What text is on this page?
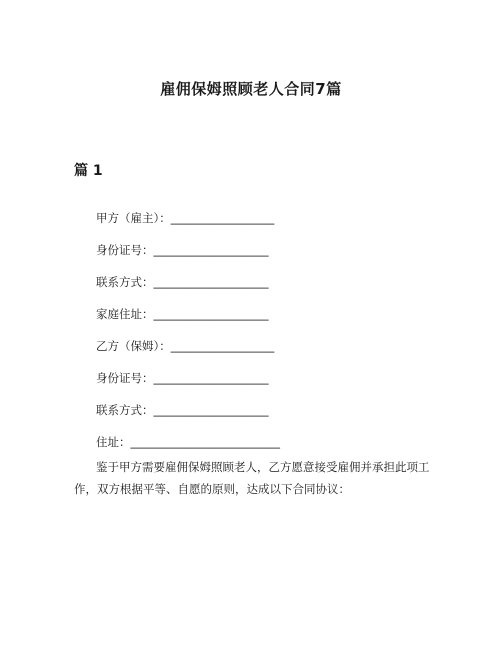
雇佣保姆照顾老人合同7篇
篇 1
甲方（雇主）：__________________
身份证号：____________________
联系方式：____________________
家庭住址：____________________
乙方（保姆）：__________________
身份证号：____________________
联系方式：____________________
住址：__________________________
鉴于甲方需要雇佣保姆照顾老人，乙方愿意接受雇佣并承担此项工作，双方根据平等、自愿的原则，达成以下合同协议：
